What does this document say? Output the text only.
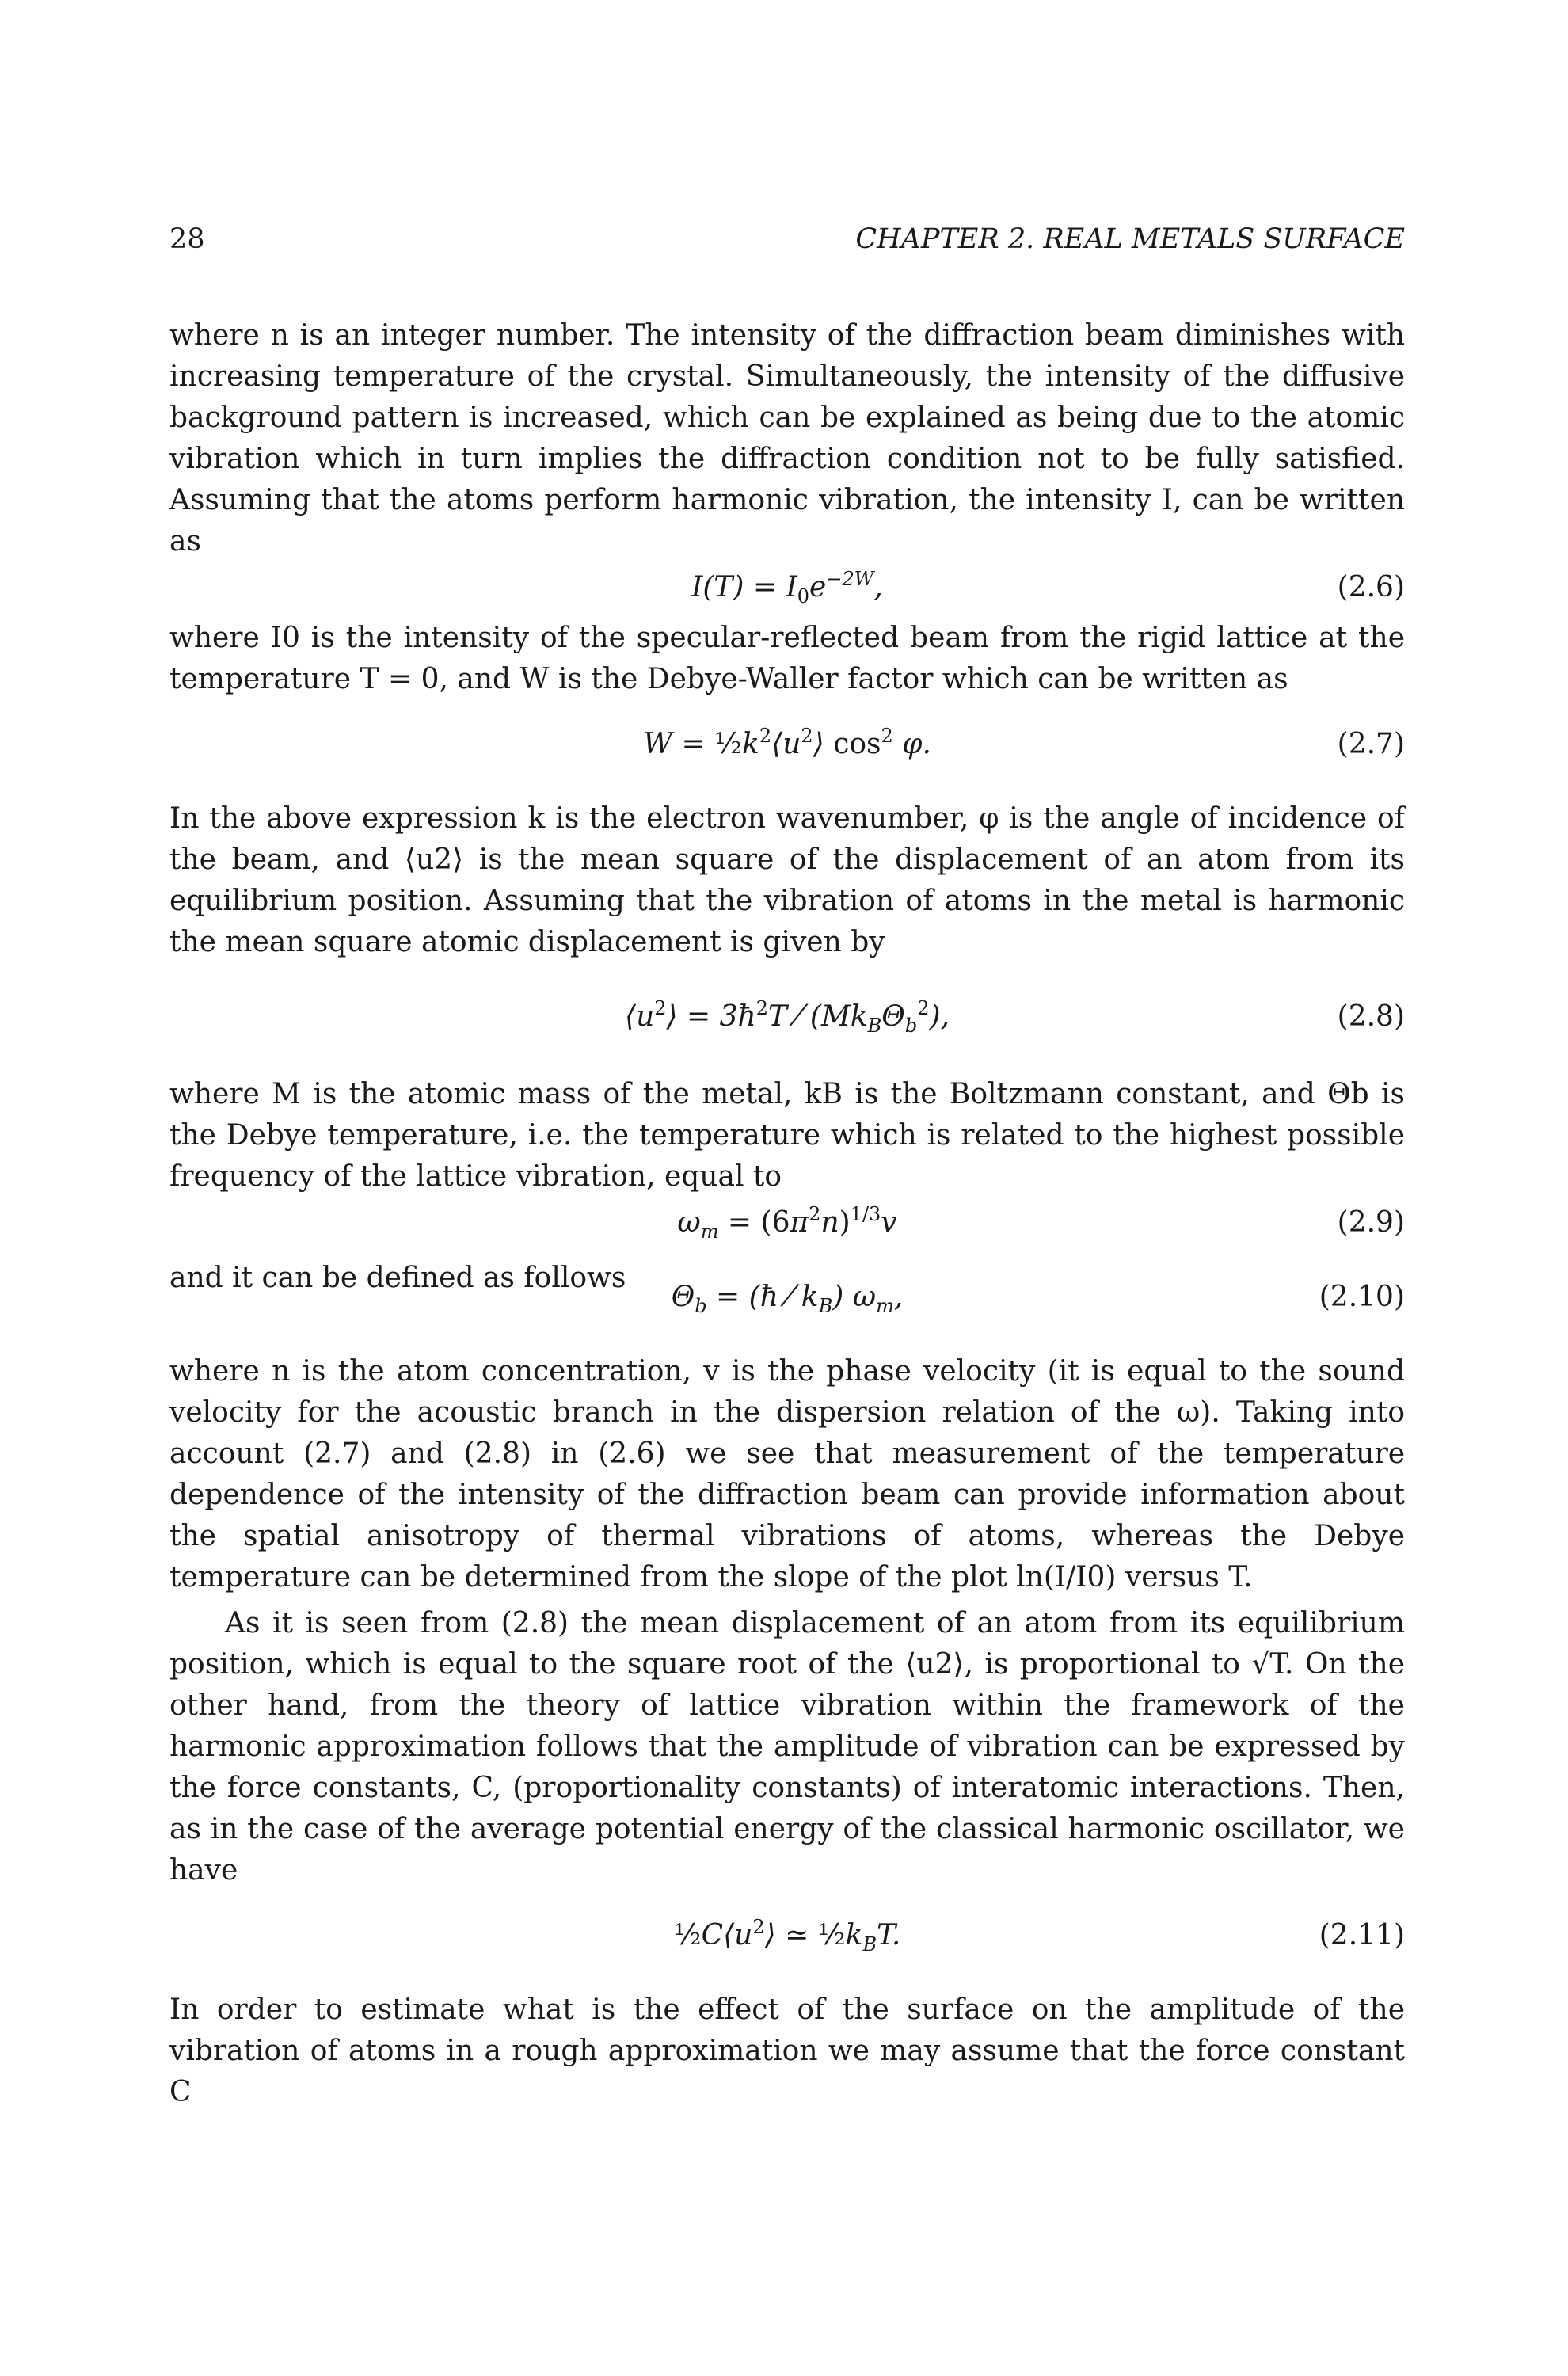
28	CHAPTER 2. REAL METALS SURFACE

where n is an integer number. The intensity of the diffraction beam diminishes with increasing temperature of the crystal. Simultaneously, the intensity of the diffusive background pattern is increased, which can be explained as being due to the atomic vibration which in turn implies the diffraction condition not to be fully satisfied. Assuming that the atoms perform harmonic vibration, the intensity I, can be written as

$I(T) = I_0e^{-2W}$,	(2.6)

where I0 is the intensity of the specular-reflected beam from the rigid lattice at the temperature T = 0, and W is the Debye-Waller factor which can be written as

$W = \frac{1}{2}k^2⟨u^2⟩$ $\cos^2 \varphi$.	(2.7)

In the above expression k is the electron wavenumber, φ is the angle of incidence of the beam, and ⟨u2⟩ is the mean square of the displacement of an atom from its equilibrium position. Assuming that the vibration of atoms in the metal is harmonic the mean square atomic displacement is given by

$⟨u^2⟩$ = $3ħ^2T$ ⁄ $(Mk_B\Theta_b^2)$,	(2.8)

where M is the atomic mass of the metal, kB is the Boltzmann constant, and Θb is the Debye temperature, i.e. the temperature which is related to the highest possible frequency of the lattice vibration, equal to

$\omega_m = (6\pi^2n)^{1/3}v$	(2.9)
and it can be defined as follows
$\Theta_b$ = (ħ ⁄ $k_B$) $\omega_m$,	(2.10)

where n is the atom concentration, v is the phase velocity (it is equal to the sound velocity for the acoustic branch in the dispersion relation of the ω). Taking into account (2.7) and (2.8) in (2.6) we see that measurement of the temperature dependence of the intensity of the diffraction beam can provide information about the spatial anisotropy of thermal vibrations of atoms, whereas the Debye temperature can be determined from the slope of the plot ln(I/I0) versus T.

As it is seen from (2.8) the mean displacement of an atom from its equilibrium position, which is equal to the square root of the ⟨u2⟩, is proportional to √T. On the other hand, from the theory of lattice vibration within the framework of the harmonic approximation follows that the amplitude of vibration can be expressed by the force constants, C, (proportionality constants) of interatomic interactions. Then, as in the case of the average potential energy of the classical harmonic oscillator, we have

$\frac{1}{2}C⟨u^2⟩$ ≃ $\frac{1}{2}k_BT$.	(2.11)

In order to estimate what is the effect of the surface on the amplitude of the vibration of atoms in a rough approximation we may assume that the force constant C
